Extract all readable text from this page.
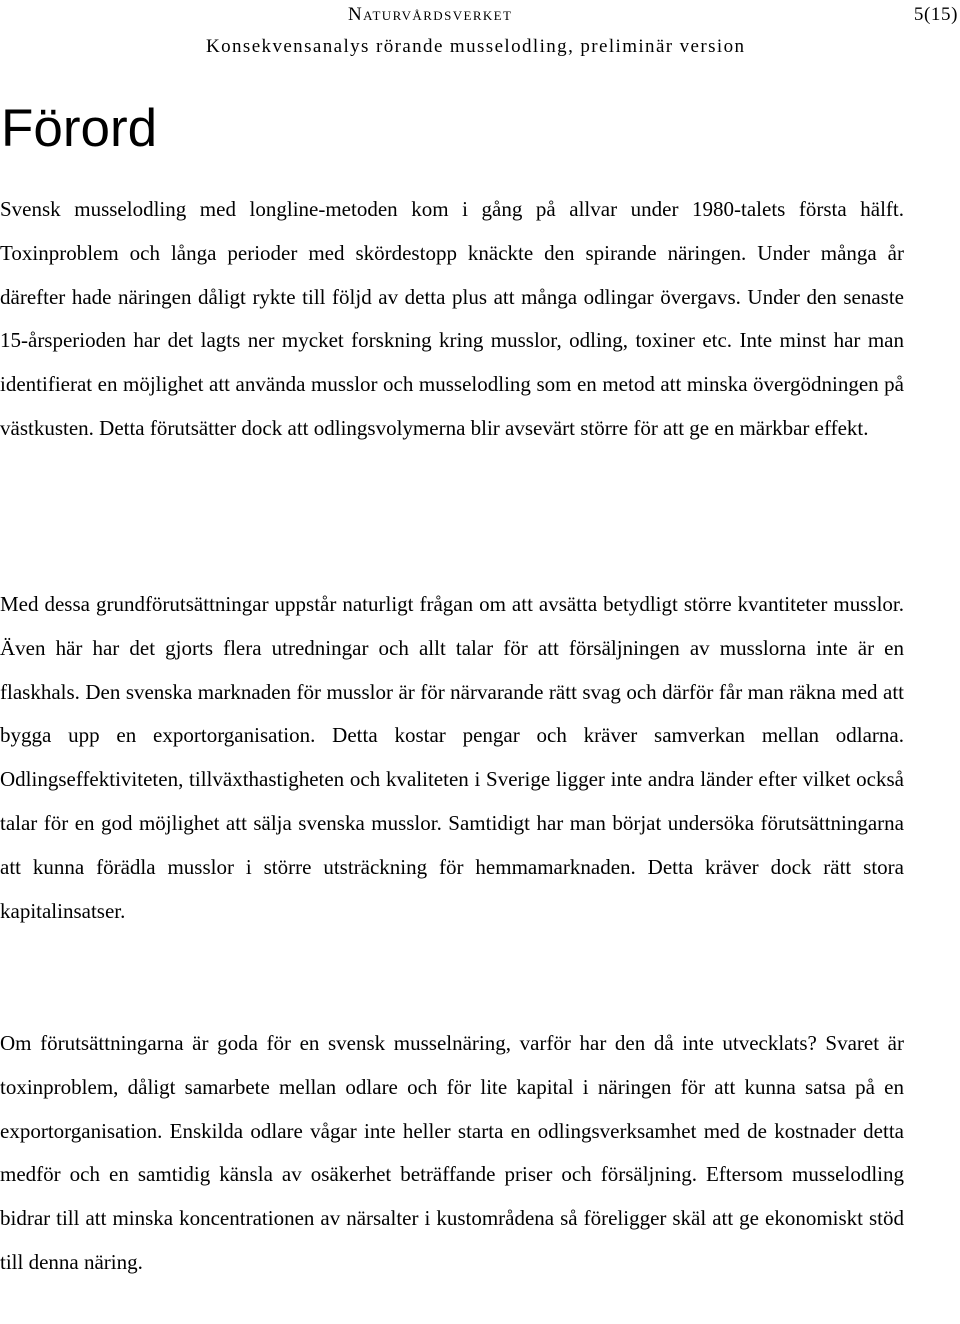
Naturvårdsverket	5(15)
Konsekvensanalys rörande musselodling, preliminär version
Förord

Svensk musselodling med longline-metoden kom i gång på allvar under 1980-talets första hälft. Toxinproblem och långa perioder med skördestopp knäckte den spirande näringen. Under många år därefter hade näringen dåligt rykte till följd av detta plus att många odlingar övergavs. Under den senaste 15-årsperioden har det lagts ner mycket forskning kring musslor, odling, toxiner etc. Inte minst har man identifierat en möjlighet att använda musslor och musselodling som en metod att minska övergödningen på västkusten. Detta förutsätter dock att odlingsvolymerna blir avsevärt större för att ge en märkbar effekt.

Med dessa grundförutsättningar uppstår naturligt frågan om att avsätta betydligt större kvantiteter musslor. Även här har det gjorts flera utredningar och allt talar för att försäljningen av musslorna inte är en flaskhals. Den svenska marknaden för musslor är för närvarande rätt svag och därför får man räkna med att bygga upp en exportorganisation. Detta kostar pengar och kräver samverkan mellan odlarna. Odlingseffektiviteten, tillväxthastigheten och kvaliteten i Sverige ligger inte andra länder efter vilket också talar för en god möjlighet att sälja svenska musslor. Samtidigt har man börjat undersöka förutsättningarna att kunna förädla musslor i större utsträckning för hemmamarknaden. Detta kräver dock rätt stora kapitalinsatser.

Om förutsättningarna är goda för en svensk musselnäring, varför har den då inte utvecklats? Svaret är toxinproblem, dåligt samarbete mellan odlare och för lite kapital i näringen för att kunna satsa på en exportorganisation. Enskilda odlare vågar inte heller starta en odlingsverksamhet med de kostnader detta medför och en samtidig känsla av osäkerhet beträffande priser och försäljning. Eftersom musselodling bidrar till att minska koncentrationen av närsalter i kustområdena så föreligger skäl att ge ekonomiskt stöd till denna näring.
